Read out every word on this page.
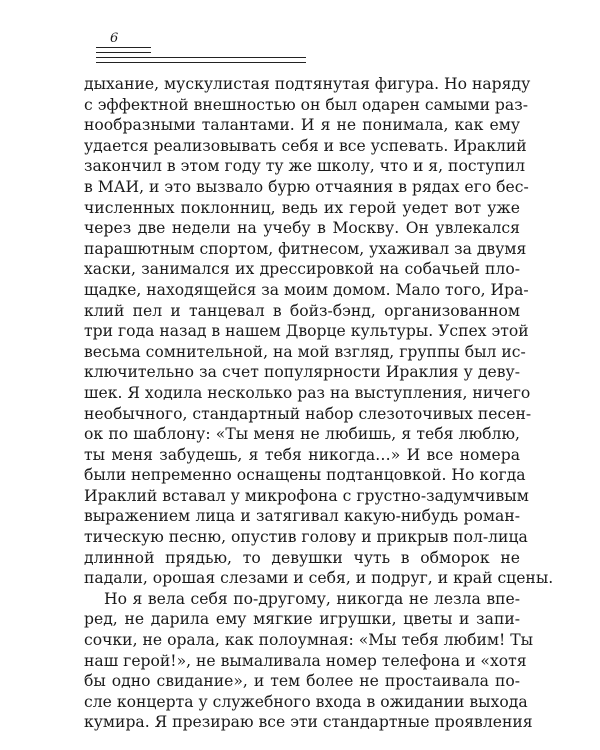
6
дыхание, мускулистая подтянутая фигура. Но наряду
с эффектной внешностью он был одарен самыми раз-
нообразными талантами. И я не понимала, как ему
удается реализовывать себя и все успевать. Ираклий
закончил в этом году ту же школу, что и я, поступил
в МАИ, и это вызвало бурю отчаяния в рядах его бес-
численных поклонниц, ведь их герой уедет вот уже
через две недели на учебу в Москву. Он увлекался
парашютным спортом, фитнесом, ухаживал за двумя
хаски, занимался их дрессировкой на собачьей пло-
щадке, находящейся за моим домом. Мало того, Ира-
клий пел и танцевал в бойз-бэнд, организованном
три года назад в нашем Дворце культуры. Успех этой
весьма сомнительной, на мой взгляд, группы был ис-
ключительно за счет популярности Ираклия у деву-
шек. Я ходила несколько раз на выступления, ничего
необычного, стандартный набор слезоточивых песен-
ок по шаблону: «Ты меня не любишь, я тебя люблю,
ты меня забудешь, я тебя никогда…» И все номера
были непременно оснащены подтанцовкой. Но когда
Ираклий вставал у микрофона с грустно-задумчивым
выражением лица и затягивал какую-нибудь роман-
тическую песню, опустив голову и прикрыв пол-лица
длинной прядью, то девушки чуть в обморок не
падали, орошая слезами и себя, и подруг, и край сцены.
Но я вела себя по-другому, никогда не лезла впе-
ред, не дарила ему мягкие игрушки, цветы и запи-
сочки, не орала, как полоумная: «Мы тебя любим! Ты
наш герой!», не вымаливала номер телефона и «хотя
бы одно свидание», и тем более не простаивала по-
сле концерта у служебного входа в ожидании выхода
кумира. Я презираю все эти стандартные проявления
